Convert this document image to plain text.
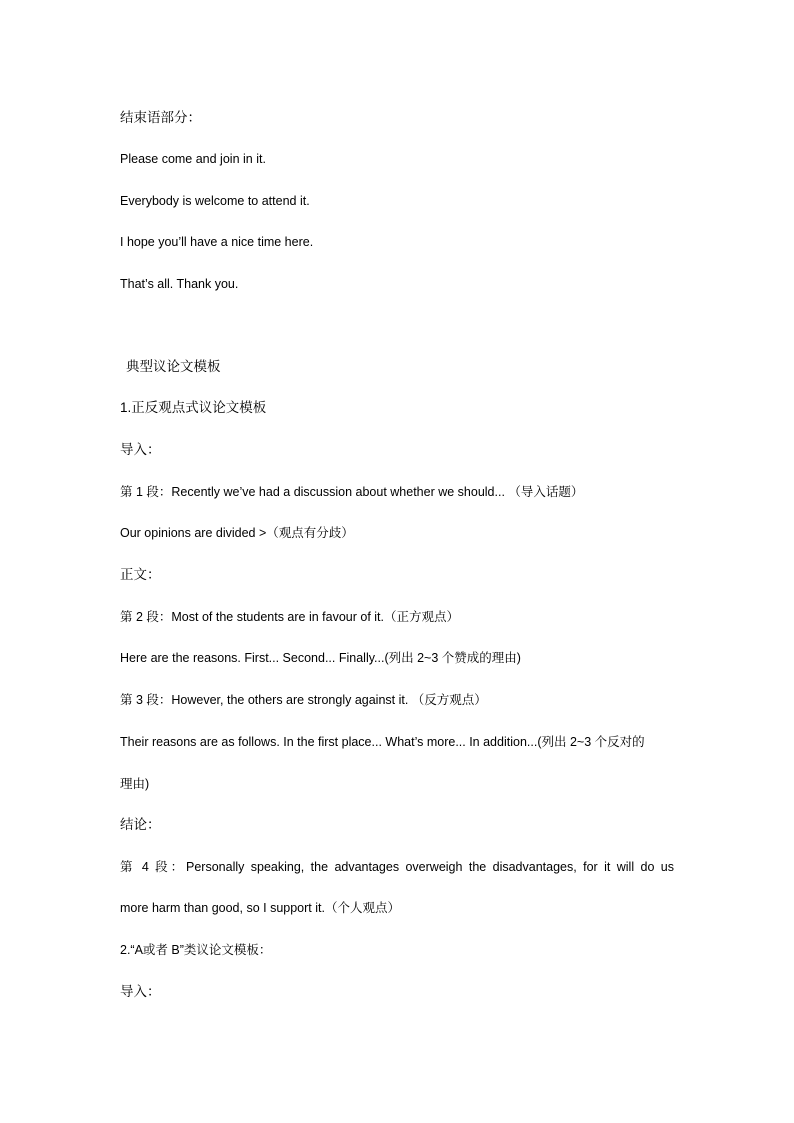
结束语部分：
Please come and join in it.
Everybody is welcome to attend it.
I hope you’ll have a nice time here.
That’s all. Thank you.
典型议论文模板
1.正反观点式议论文模板
导入：
第 1 段：Recently we’ve had a discussion about whether we should... （导入话题）
Our opinions are divided >（观点有分歧）
正文：
第 2 段：Most of the students are in favour of it.（正方观点）
Here are the reasons. First... Second... Finally...(列出 2~3 个赞成的理由)
第 3 段：However, the others are strongly against it. （反方观点）
Their reasons are as follows. In the first place... What’s more... In addition...(列出 2~3 个反对的
理由)
结论：
第 4 段：Personally speaking, the advantages overweigh the disadvantages, for it will do us
more harm than good, so I support it.（个人观点）
2.“A或者 B”类议论文模板：
导入：
